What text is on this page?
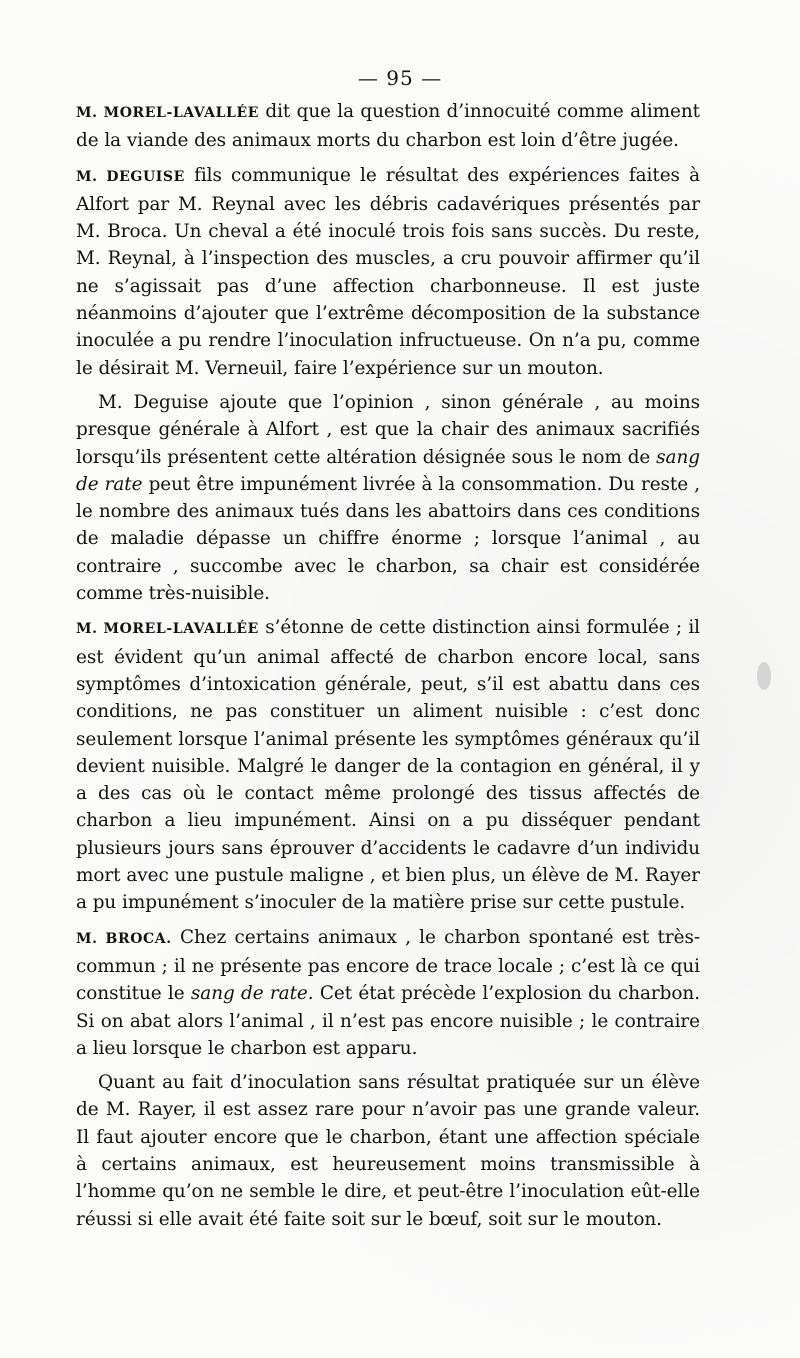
— 95 —

M. MOREL-LAVALLÉE dit que la question d’innocuité comme aliment de la viande des animaux morts du charbon est loin d’être jugée.

M. DEGUISE fils communique le résultat des expériences faites à Alfort par M. Reynal avec les débris cadavériques présentés par M. Broca. Un cheval a été inoculé trois fois sans succès. Du reste, M. Reynal, à l’inspection des muscles, a cru pouvoir affirmer qu’il ne s’agissait pas d’une affection charbonneuse. Il est juste néanmoins d’ajouter que l’extrême décomposition de la substance inoculée a pu rendre l’inoculation infructueuse. On n’a pu, comme le désirait M. Verneuil, faire l’expérience sur un mouton.

M. Deguise ajoute que l’opinion , sinon générale , au moins presque générale à Alfort , est que la chair des animaux sacrifiés lorsqu’ils présentent cette altération désignée sous le nom de sang de rate peut être impunément livrée à la consommation. Du reste , le nombre des animaux tués dans les abattoirs dans ces conditions de maladie dépasse un chiffre énorme ; lorsque l’animal , au contraire , succombe avec le charbon, sa chair est considérée comme très-nuisible.

M. MOREL-LAVALLÉE s’étonne de cette distinction ainsi formulée ; il est évident qu’un animal affecté de charbon encore local, sans symptômes d’intoxication générale, peut, s’il est abattu dans ces conditions, ne pas constituer un aliment nuisible : c’est donc seulement lorsque l’animal présente les symptômes généraux qu’il devient nuisible. Malgré le danger de la contagion en général, il y a des cas où le contact même prolongé des tissus affectés de charbon a lieu impunément. Ainsi on a pu disséquer pendant plusieurs jours sans éprouver d’accidents le cadavre d’un individu mort avec une pustule maligne , et bien plus, un élève de M. Rayer a pu impunément s’inoculer de la matière prise sur cette pustule.

M. BROCA. Chez certains animaux , le charbon spontané est très-commun ; il ne présente pas encore de trace locale ; c’est là ce qui constitue le sang de rate. Cet état précède l’explosion du charbon. Si on abat alors l’animal , il n’est pas encore nuisible ; le contraire a lieu lorsque le charbon est apparu.

Quant au fait d’inoculation sans résultat pratiquée sur un élève de M. Rayer, il est assez rare pour n’avoir pas une grande valeur. Il faut ajouter encore que le charbon, étant une affection spéciale à certains animaux, est heureusement moins transmissible à l’homme qu’on ne semble le dire, et peut-être l’inoculation eût-elle réussi si elle avait été faite soit sur le bœuf, soit sur le mouton.
